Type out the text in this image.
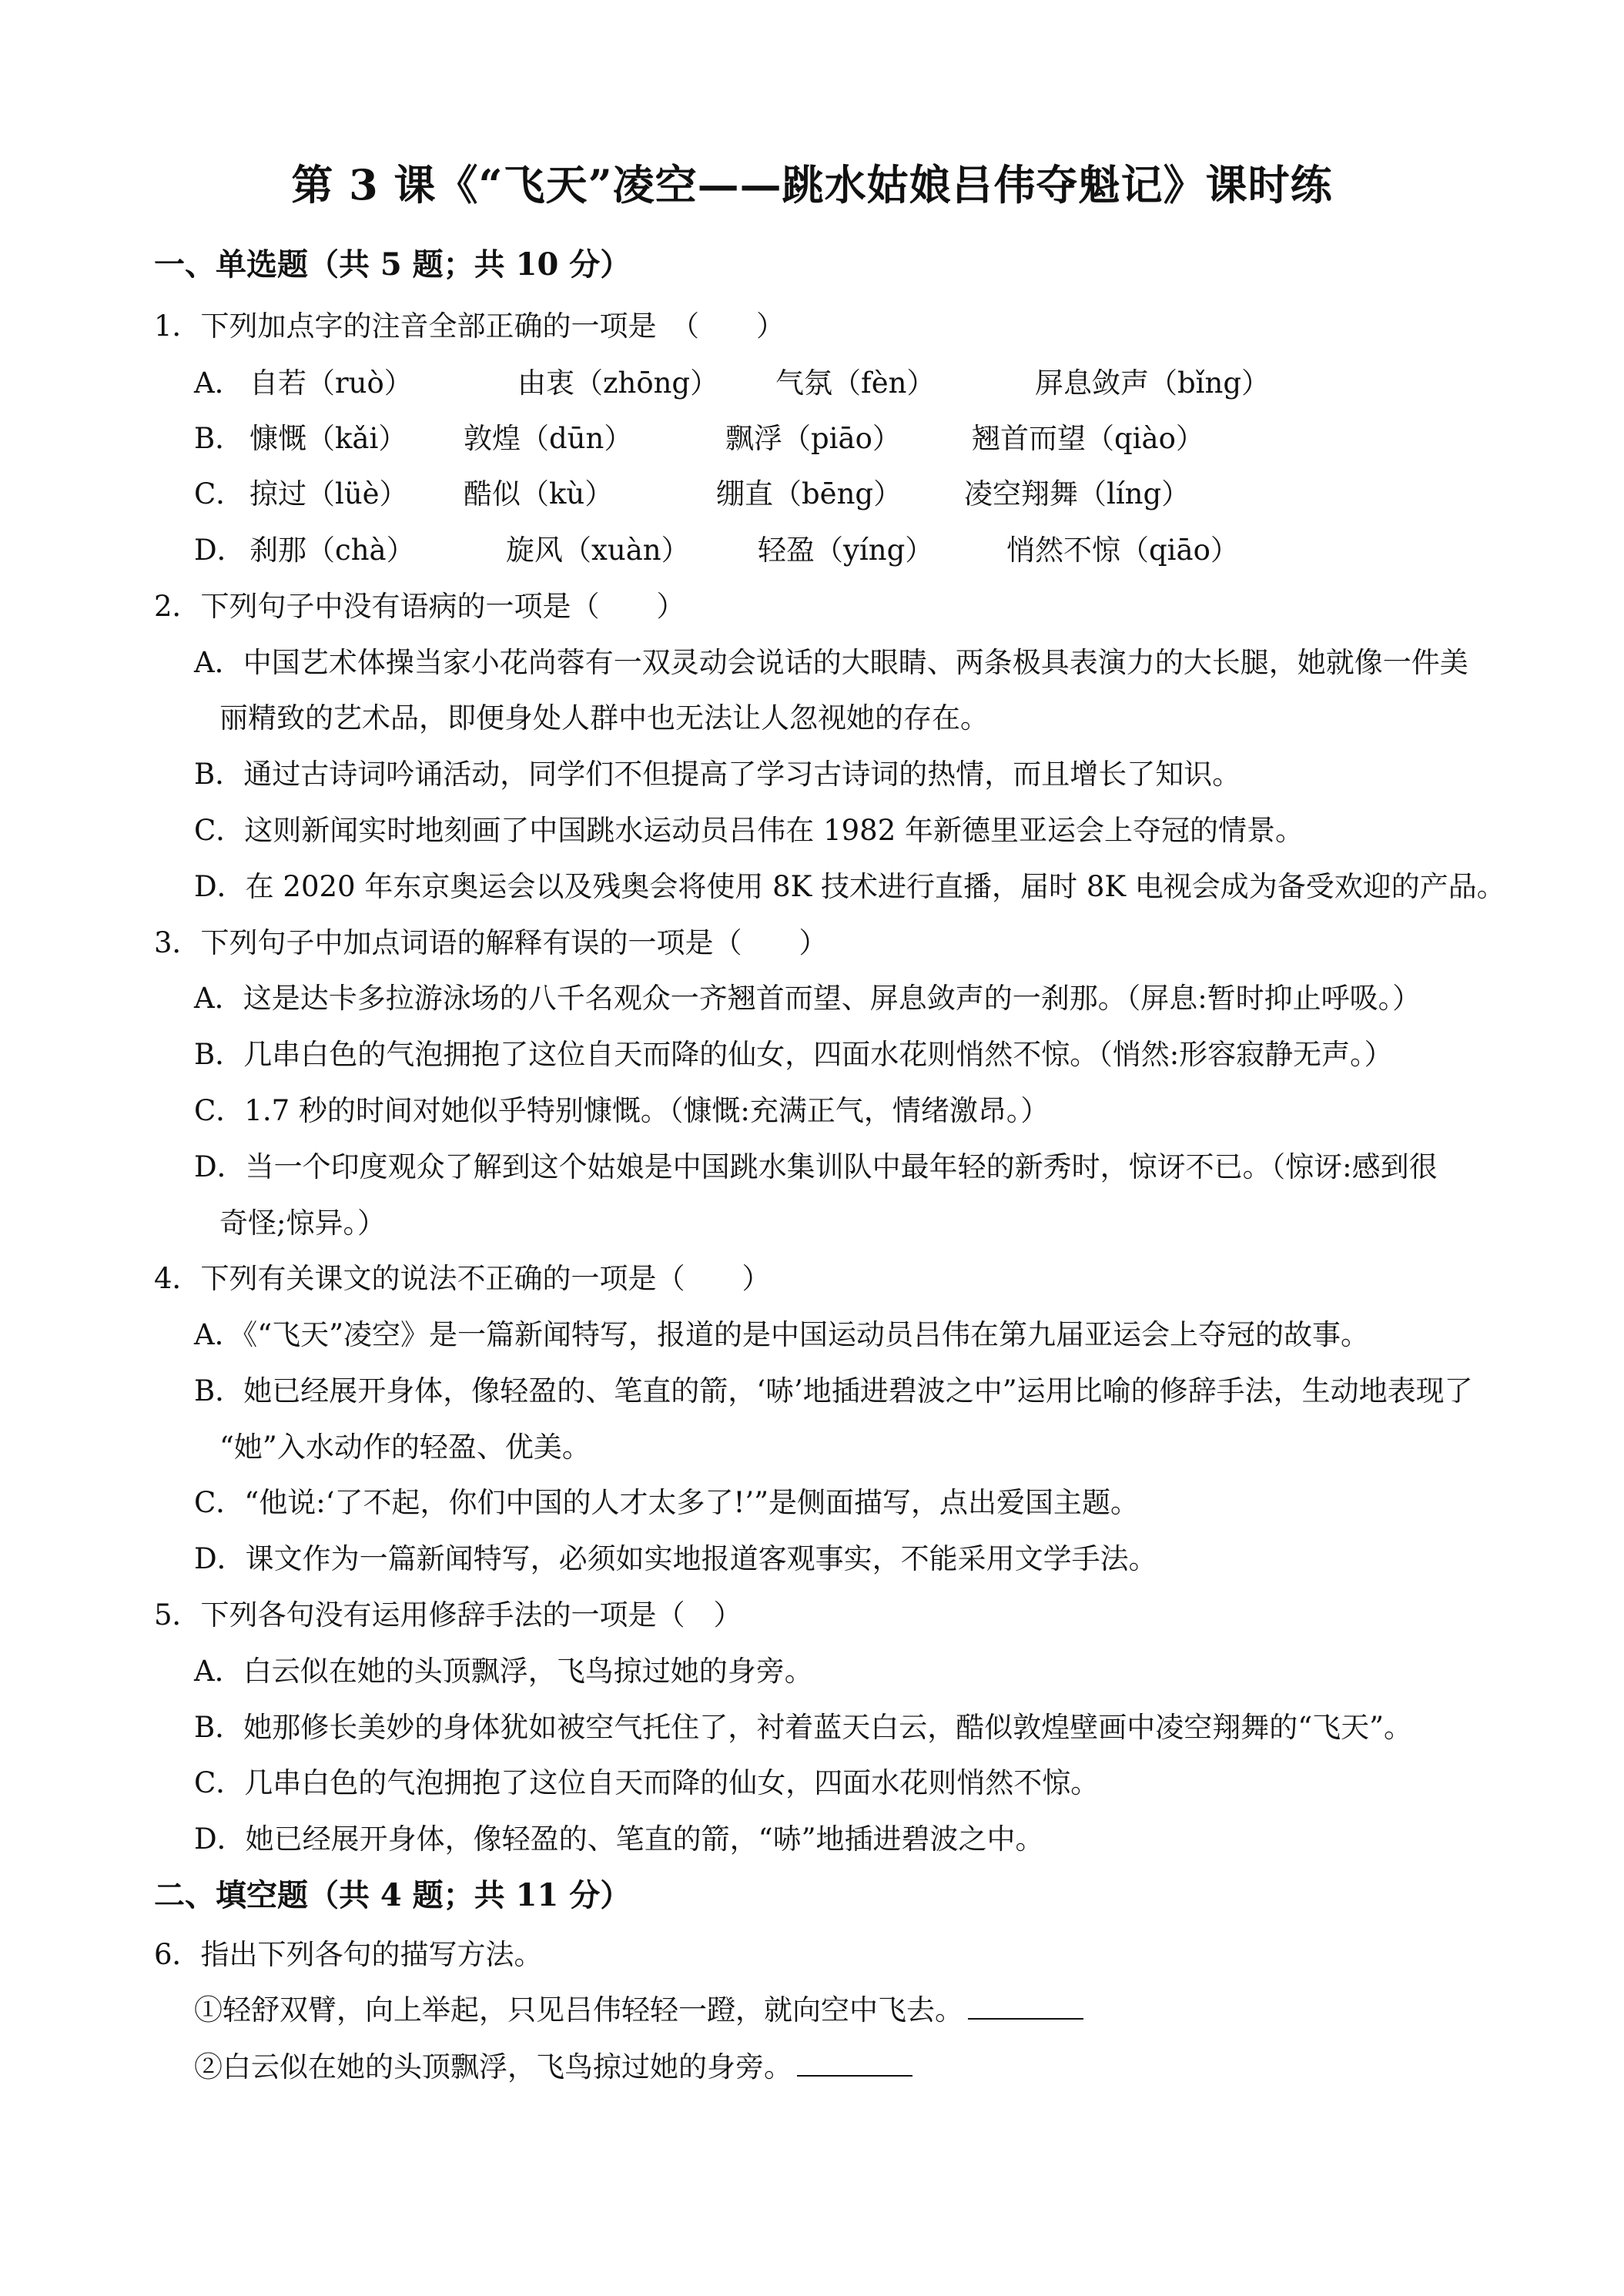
第 3 课《“飞天”凌空——跳水姑娘吕伟夺魁记》课时练
一、单选题（共 5 题；共 10 分）
1．下列加点字的注音全部正确的一项是　（　　）
A． 自若（ruò）	由衷（zhōng） 气氛（fèn）	屏息敛声（bǐng）
B． 慷慨（kǎi） 敦煌（dūn）	飘浮（piāo） 翘首而望（qiào）
C． 掠过（lüè） 酷似（kù）	绷直（bēng） 凌空翔舞（líng）
D． 刹那（chà）	旋风（xuàn） 轻盈（yíng）	悄然不惊（qiāo）
2．下列句子中没有语病的一项是（　　）
A．中国艺术体操当家小花尚蓉有一双灵动会说话的大眼睛、两条极具表演力的大长腿，她就像一件美
丽精致的艺术品，即便身处人群中也无法让人忽视她的存在。
B．通过古诗词吟诵活动，同学们不但提高了学习古诗词的热情，而且增长了知识。
C．这则新闻实时地刻画了中国跳水运动员吕伟在 1982 年新德里亚运会上夺冠的情景。
D．在 2020 年东京奥运会以及残奥会将使用 8K 技术进行直播，届时 8K 电视会成为备受欢迎的产品。
3．下列句子中加点词语的解释有误的一项是（　　）
A．这是达卡多拉游泳场的八千名观众一齐翘首而望、屏息敛声的一刹那。（屏息:暂时抑止呼吸。）
B．几串白色的气泡拥抱了这位自天而降的仙女，四面水花则悄然不惊。（悄然:形容寂静无声。）
C．1.7 秒的时间对她似乎特别慷慨。（慷慨:充满正气，情绪激昂。）
D．当一个印度观众了解到这个姑娘是中国跳水集训队中最年轻的新秀时，惊讶不已。（惊讶:感到很
奇怪;惊异。）
4．下列有关课文的说法不正确的一项是（　　）
A．《“飞天”凌空》是一篇新闻特写，报道的是中国运动员吕伟在第九届亚运会上夺冠的故事。
B．她已经展开身体，像轻盈的、笔直的箭，‘哧’地插进碧波之中”运用比喻的修辞手法，生动地表现了
“她”入水动作的轻盈、优美。
C．“他说:‘了不起，你们中国的人才太多了!’”是侧面描写，点出爱国主题。
D．课文作为一篇新闻特写，必须如实地报道客观事实，不能采用文学手法。
5．下列各句没有运用修辞手法的一项是（　）
A．白云似在她的头顶飘浮，飞鸟掠过她的身旁。
B．她那修长美妙的身体犹如被空气托住了，衬着蓝天白云，酷似敦煌壁画中凌空翔舞的“飞天”。
C．几串白色的气泡拥抱了这位自天而降的仙女，四面水花则悄然不惊。
D．她已经展开身体，像轻盈的、笔直的箭，“哧”地插进碧波之中。
二、填空题（共 4 题；共 11 分）
6．指出下列各句的描写方法。
①轻舒双臂，向上举起，只见吕伟轻轻一蹬，就向空中飞去。
②白云似在她的头顶飘浮，飞鸟掠过她的身旁。
